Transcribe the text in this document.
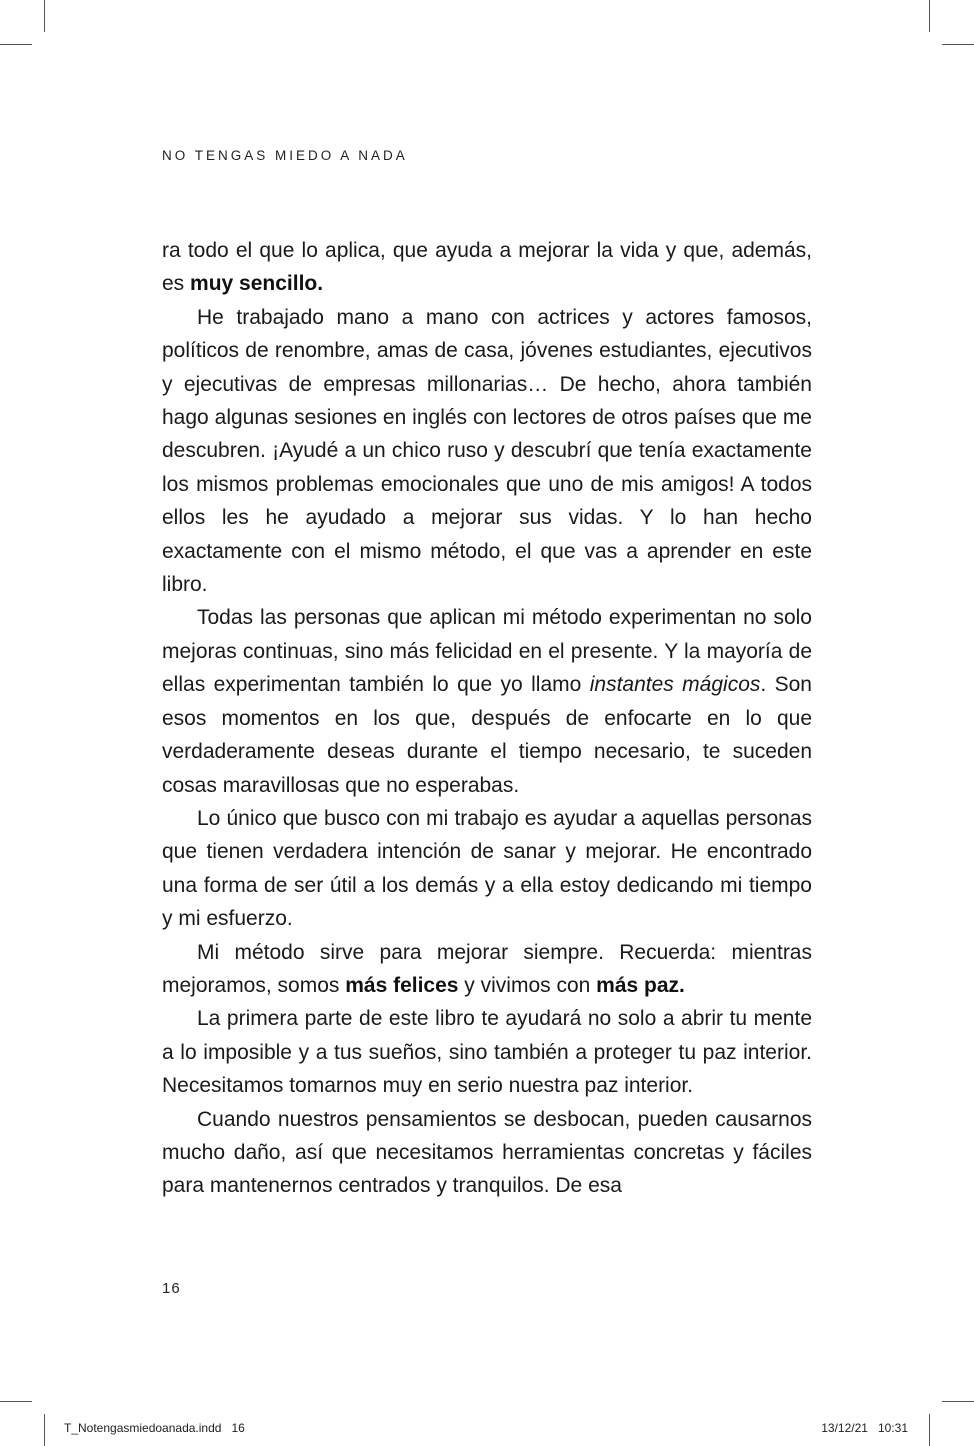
NO TENGAS MIEDO A NADA

ra todo el que lo aplica, que ayuda a mejorar la vida y que, además, es muy sencillo.

He trabajado mano a mano con actrices y actores famosos, políticos de renombre, amas de casa, jóvenes estudiantes, ejecutivos y ejecutivas de empresas millonarias… De hecho, ahora también hago algunas sesiones en inglés con lectores de otros países que me descubren. ¡Ayudé a un chico ruso y descubrí que tenía exactamente los mismos problemas emocionales que uno de mis amigos! A todos ellos les he ayudado a mejorar sus vidas. Y lo han hecho exactamente con el mismo método, el que vas a aprender en este libro.

Todas las personas que aplican mi método experimentan no solo mejoras continuas, sino más felicidad en el presente. Y la mayoría de ellas experimentan también lo que yo llamo instantes mágicos. Son esos momentos en los que, después de enfocarte en lo que verdaderamente deseas durante el tiempo necesario, te suceden cosas maravillosas que no esperabas.

Lo único que busco con mi trabajo es ayudar a aquellas personas que tienen verdadera intención de sanar y mejorar. He encontrado una forma de ser útil a los demás y a ella estoy dedicando mi tiempo y mi esfuerzo.

Mi método sirve para mejorar siempre. Recuerda: mientras mejoramos, somos más felices y vivimos con más paz.

La primera parte de este libro te ayudará no solo a abrir tu mente a lo imposible y a tus sueños, sino también a proteger tu paz interior. Necesitamos tomarnos muy en serio nuestra paz interior.

Cuando nuestros pensamientos se desbocan, pueden causarnos mucho daño, así que necesitamos herramientas concretas y fáciles para mantenernos centrados y tranquilos. De esa

16
T_Notengasmiedoanada.indd   16	13/12/21   10:31
